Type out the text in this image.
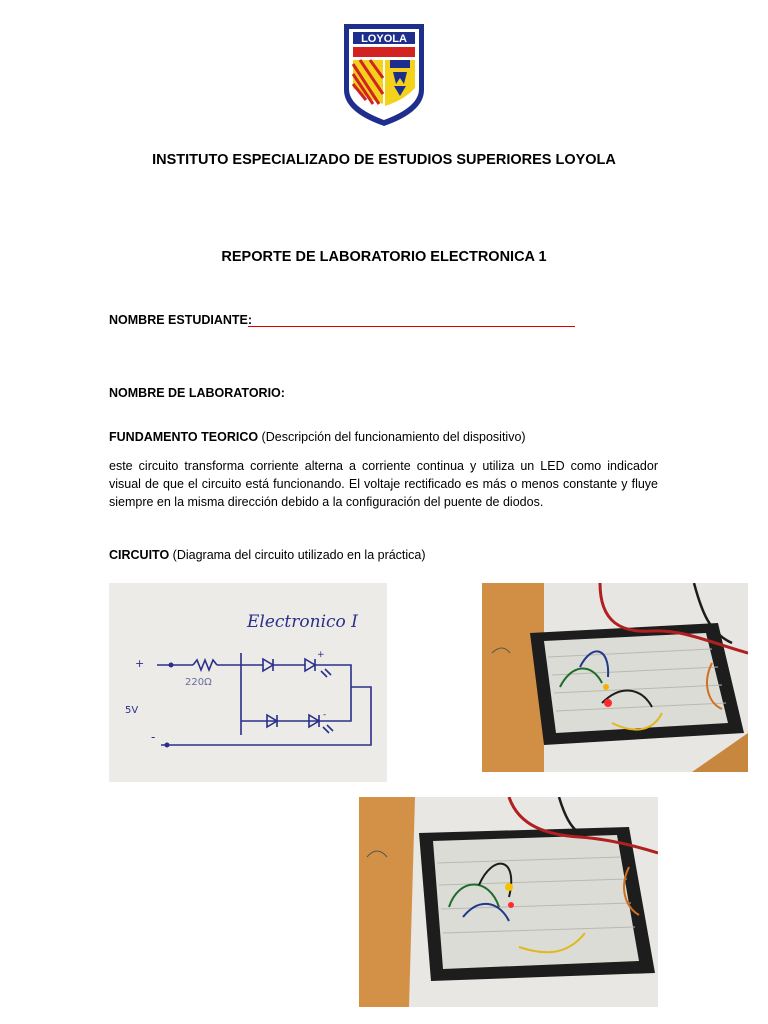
LOYOLA
INSTITUTO ESPECIALIZADO DE ESTUDIOS SUPERIORES LOYOLA
REPORTE DE LABORATORIO ELECTRONICA 1
NOMBRE ESTUDIANTE:
NOMBRE DE LABORATORIO:
FUNDAMENTO TEORICO (Descripción del funcionamiento del dispositivo)
este circuito transforma corriente alterna a corriente continua y utiliza un LED como indicador visual de que el circuito está funcionando. El voltaje rectificado es más o menos constante y fluye siempre en la misma dirección debido a la configuración del puente de diodos.
CIRCUITO (Diagrama del circuito utilizado en la práctica)
Electronico I
220Ω
5V
+
-
+
-
